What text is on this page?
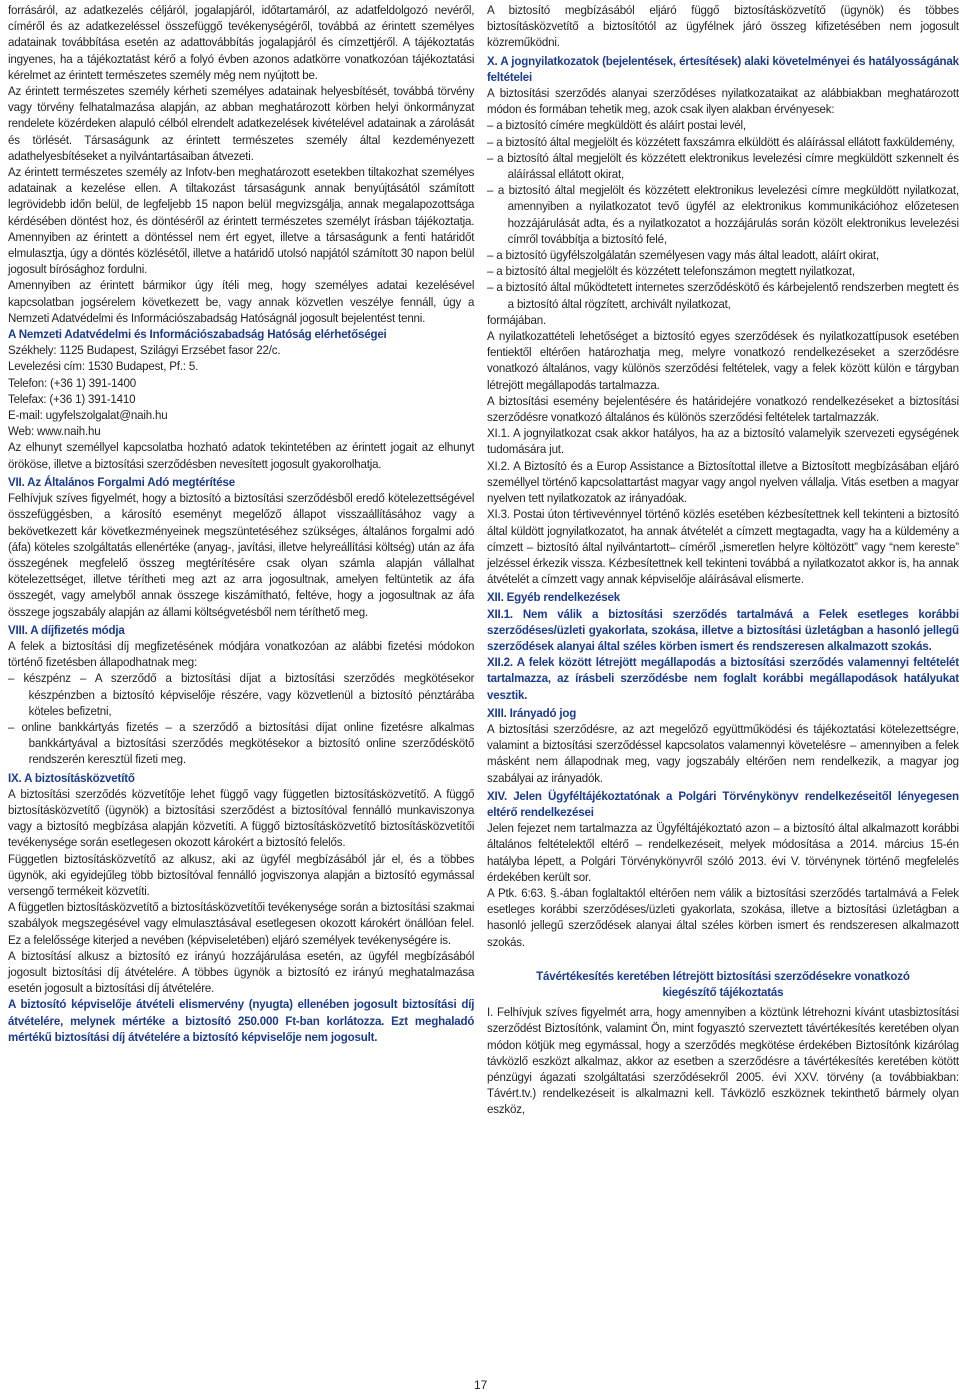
forrásáról, az adatkezelés céljáról, jogalapjáról, időtartamáról, az adatfeldolgozó nevéről, címéről és az adatkezeléssel összefüggő tevékenységéről, továbbá az érintett személyes adatainak továbbítása esetén az adattovábbítás jogalapjáról és címzettjéről. A tájékoztatás ingyenes, ha a tájékoztatást kérő a folyó évben azonos adatkörre vonatkozóan tájékoztatási kérelmet az érintett természetes személy még nem nyújtott be.

Az érintett természetes személy kérheti személyes adatainak helyesbítését, továbbá törvény vagy törvény felhatalmazása alapján, az abban meghatározott körben helyi önkormányzat rendelete közérdeken alapuló célból elrendelt adatkezelések kivételével adatainak a zárolását és törlését. Társaságunk az érintett természetes személy által kezdeményezett adathelyesbítéseket a nyilvántartásaiban átvezeti.

Az érintett természetes személy az Infotv-ben meghatározott esetekben tiltakozhat személyes adatainak a kezelése ellen. A tiltakozást társaságunk annak benyújtásától számított legrövidebb időn belül, de legfeljebb 15 napon belül megvizsgálja, annak megalapozottsága kérdésében döntést hoz, és döntéséről az érintett természetes személyt írásban tájékoztatja. Amennyiben az érintett a döntéssel nem ért egyet, illetve a társaságunk a fenti határidőt elmulasztja, úgy a döntés közlésétől, illetve a határidő utolsó napjától számított 30 napon belül jogosult bírósághoz fordulni.

Amennyiben az érintett bármikor úgy ítéli meg, hogy személyes adatai kezelésével kapcsolatban jogsérelem következett be, vagy annak közvetlen veszélye fennáll, úgy a Nemzeti Adatvédelmi és Információszabadság Hatóságnál jogosult bejelentést tenni.

A Nemzeti Adatvédelmi és Információszabadság Hatóság elérhetőségei

Székhely: 1125 Budapest, Szilágyi Erzsébet fasor 22/c.

Levelezési cím: 1530 Budapest, Pf.: 5.

Telefon: (+36 1) 391-1400

Telefax: (+36 1) 391-1410

E-mail: ugyfelszolgalat@naih.hu

Web: www.naih.hu

Az elhunyt személlyel kapcsolatba hozható adatok tekintetében az érintett jogait az elhunyt örököse, illetve a biztosítási szerződésben nevesített jogosult gyakorolhatja.

VII. Az Általános Forgalmi Adó megtérítése

Felhívjuk szíves figyelmét, hogy a biztosító a biztosítási szerződésből eredő kötelezettségével összefüggésben, a károsító eseményt megelőző állapot visszaállításához vagy a bekövetkezett kár következményeinek megszüntetéséhez szükséges, általános forgalmi adó (áfa) köteles szolgáltatás ellenértéke (anyag-, javítási, illetve helyreállítási költség) után az áfa összegének megfelelő összeg megtérítésére csak olyan számla alapján vállalhat kötelezettséget, illetve térítheti meg azt az arra jogosultnak, amelyen feltüntetik az áfa összegét, vagy amelyből annak összege kiszámítható, feltéve, hogy a jogosultnak az áfa összege jogszabály alapján az állami költségvetésből nem téríthető meg.

VIII. A díjfizetés módja

A felek a biztosítási díj megfizetésének módjára vonatkozóan az alábbi fizetési módokon történő fizetésben állapodhatnak meg:

– készpénz – A szerződő a biztosítási díjat a biztosítási szerződés megkötésekor készpénzben a biztosító képviselője részére, vagy közvetlenül a biztosító pénztárába köteles befizetni,

– online bankkártyás fizetés – a szerződő a biztosítási díjat online fizetésre alkalmas bankkártyával a biztosítási szerződés megkötésekor a biztosító online szerződéskötő rendszerén keresztül fizeti meg.

IX. A biztosításközvetítő

A biztosítási szerződés közvetítője lehet függő vagy független biztosításközvetítő. A függő biztosításközvetítő (ügynök) a biztosítási szerződést a biztosítóval fennálló munkaviszonya vagy a biztosító megbízása alapján közvetíti. A függő biztosításközvetítő biztosításközvetítői tevékenysége során esetlegesen okozott károkért a biztosító felelős.

Független biztosításközvetítő az alkusz, aki az ügyfél megbízásából jár el, és a többes ügynök, aki egyidejűleg több biztosítóval fennálló jogviszonya alapján a biztosító egymással versengő termékeit közvetíti.

A független biztosításközvetítő a biztosításközvetítői tevékenysége során a biztosítási szakmai szabályok megszegésével vagy elmulasztásával esetlegesen okozott károkért önállóan felel. Ez a felelőssége kiterjed a nevében (képviseletében) eljáró személyek tevékenységére is.

A biztosításí alkusz a biztosító ez irányú hozzájárulása esetén, az ügyfél megbízásából jogosult biztosítási díj átvételére. A többes ügynök a biztosító ez irányú meghatalmazása esetén jogosult a biztosítási díj átvételére.

A biztosító képviselője átvételi elismervény (nyugta) ellenében jogosult biztosítási díj átvételére, melynek mértéke a biztosító 250.000 Ft-ban korlátozza. Ezt meghaladó mértékű biztosítási díj átvételére a biztosító képviselője nem jogosult.

A biztosító megbízásából eljáró függő biztosításközvetítő (ügynök) és többes biztosításközvetítő a biztosítótól az ügyfélnek járó összeg kifizetésében nem jogosult közreműködni.

X. A jognyilatkozatok (bejelentések, értesítések) alaki követelményei és hatályosságának feltételei

A biztosítási szerződés alanyai szerződéses nyilatkozataikat az alábbiakban meghatározott módon és formában tehetik meg, azok csak ilyen alakban érvényesek:

– a biztosító címére megküldött és aláírt postai levél,

– a biztosító által megjelölt és közzétett faxszámra elküldött és aláírással ellátott faxküldemény,

– a biztosító által megjelölt és közzétett elektronikus levelezési címre megküldött szkennelt és aláírással ellátott okirat,

– a biztosító által megjelölt és közzétett elektronikus levelezési címre megküldött nyilatkozat, amennyiben a nyilatkozatot tevő ügyfél az elektronikus kommunikációhoz előzetesen hozzájárulását adta, és a nyilatkozatot a hozzájárulás során közölt elektronikus levelezési címről továbbítja a biztosító felé,

– a biztosító ügyfélszolgálatán személyesen vagy más által leadott, aláírt okirat,

– a biztosító által megjelölt és közzétett telefonszámon megtett nyilatkozat,

– a biztosító által működtetett internetes szerződéskötő és kárbejelentő rendszerben megtett és a biztosító által rögzített, archivált nyilatkozat,

formájában.

A nyilatkozattételi lehetőséget a biztosító egyes szerződések és nyilatkozattípusok esetében fentiektől eltérően határozhatja meg, melyre vonatkozó rendelkezéseket a szerződésre vonatkozó általános, vagy különös szerződési feltételek, vagy a felek között külön e tárgyban létrejött megállapodás tartalmazza.

A biztosítási esemény bejelentésére és határidejére vonatkozó rendelkezéseket a biztosítási szerződésre vonatkozó általános és különös szerződési feltételek tartalmazzák.

XI.1. A jognyilatkozat csak akkor hatályos, ha az a biztosító valamelyik szervezeti egységének tudomására jut.

XI.2. A Biztosító és a Europ Assistance a Biztosítottal illetve a Biztosított megbízásában eljáró személlyel történő kapcsolattartást magyar vagy angol nyelven vállalja. Vitás esetben a magyar nyelven tett nyilatkozatok az irányadóak.

XI.3. Postai úton tértivevénnyel történő közlés esetében kézbesítettnek kell tekinteni a biztosító által küldött jognyilatkozatot, ha annak átvételét a címzett megtagadta, vagy ha a küldemény a címzett – biztosító által nyilvántartott– címéről „ismeretlen helyre költözött” vagy “nem kereste” jelzéssel érkezik vissza. Kézbesítettnek kell tekinteni továbbá a nyilatkozatot akkor is, ha annak átvételét a címzett vagy annak képviselője aláírásával elismerte.

XII. Egyéb rendelkezések

XII.1. Nem válik a biztosítási szerződés tartalmává a Felek esetleges korábbi szerződéses/üzleti gyakorlata, szokása, illetve a biztosítási üzletágban a hasonló jellegű szerződések alanyai által széles körben ismert és rendszeresen alkalmazott szokás.

XII.2. A felek között létrejött megállapodás a biztosítási szerződés valamennyi feltételét tartalmazza, az írásbeli szerződésbe nem foglalt korábbi megállapodások hatályukat vesztik.

XIII. Irányadó jog

A biztosítási szerződésre, az azt megelőző együttműködési és tájékoztatási kötelezettségre, valamint a biztosítási szerződéssel kapcsolatos valamennyi követelésre – amennyiben a felek másként nem állapodnak meg, vagy jogszabály eltérően nem rendelkezik, a magyar jog szabályai az irányadók.

XIV. Jelen Ügyféltájékoztatónak a Polgári Törvénykönyv rendelkezéseitől lényegesen eltérő rendelkezései

Jelen fejezet nem tartalmazza az Ügyféltájékoztató azon – a biztosító által alkalmazott korábbi általános feltételektől eltérő – rendelkezéseit, melyek módosítása a 2014. március 15-én hatályba lépett, a Polgári Törvénykönyvről szóló 2013. évi V. törvénynek történő megfelelés érdekében került sor.

A Ptk. 6:63. §.-ában foglaltaktól eltérően nem válik a biztosítási szerződés tartalmává a Felek esetleges korábbi szerződéses/üzleti gyakorlata, szokása, illetve a biztosítási üzletágban a hasonló jellegű szerződések alanyai által széles körben ismert és rendszeresen alkalmazott szokás.

Távértékesítés keretében létrejött biztosítási szerződésekre vonatkozó kiegészítő tájékoztatás

I. Felhívjuk szíves figyelmét arra, hogy amennyiben a köztünk létrehozni kívánt utasbiztosítási szerződést Biztosítónk, valamint Ön, mint fogyasztó szerveztett távértékesítés keretében olyan módon kötjük meg egymással, hogy a szerződés megkötése érdekében Biztosítónk kizárólag távközlő eszközt alkalmaz, akkor az esetben a szerződésre a távértékesítés keretében kötött pénzügyi ágazati szolgáltatási szerződésekről 2005. évi XXV. törvény (a továbbiakban: Távért.tv.) rendelkezéseit is alkalmazni kell. Távközlő eszköznek tekinthető bármely olyan eszköz,

17
